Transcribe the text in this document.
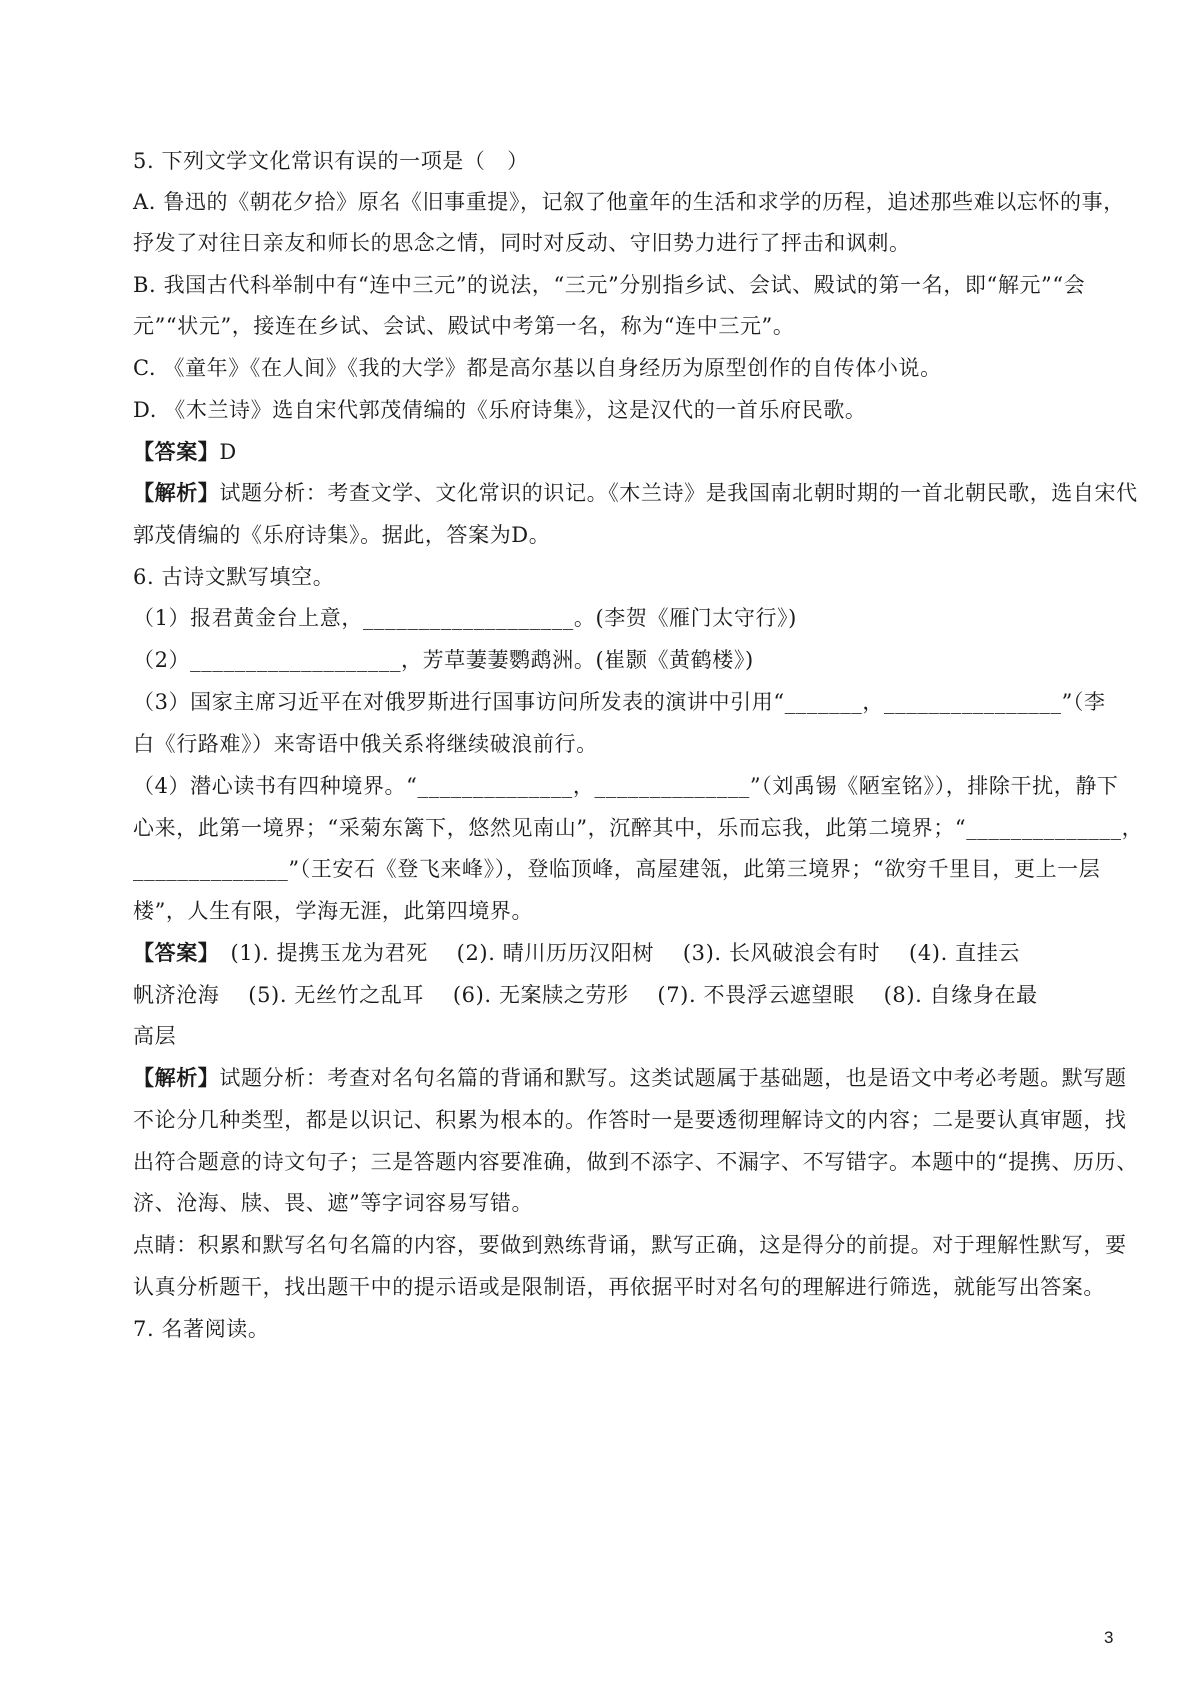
5. 下列文学文化常识有误的一项是（　）
A. 鲁迅的《朝花夕拾》原名《旧事重提》，记叙了他童年的生活和求学的历程，追述那些难以忘怀的事，
抒发了对往日亲友和师长的思念之情，同时对反动、守旧势力进行了抨击和讽刺。
B. 我国古代科举制中有“连中三元”的说法，“三元”分别指乡试、会试、殿试的第一名，即“解元”“会
元”“状元”，接连在乡试、会试、殿试中考第一名，称为“连中三元”。
C. 《童年》《在人间》《我的大学》都是高尔基以自身经历为原型创作的自传体小说。
D. 《木兰诗》选自宋代郭茂倩编的《乐府诗集》，这是汉代的一首乐府民歌。
【答案】D
【解析】试题分析：考查文学、文化常识的识记。《木兰诗》是我国南北朝时期的一首北朝民歌，选自宋代
郭茂倩编的《乐府诗集》。据此，答案为D。
6. 古诗文默写填空。
（1）报君黄金台上意，___________________。(李贺《雁门太守行》)
（2）___________________，芳草萋萋鹦鹉洲。(崔颢《黄鹤楼》)
（3）国家主席习近平在对俄罗斯进行国事访问所发表的演讲中引用“_______，________________”（李
白《行路难》）来寄语中俄关系将继续破浪前行。
（4）潜心读书有四种境界。“______________，______________”（刘禹锡《陋室铭》），排除干扰，静下
心来，此第一境界；“采菊东篱下，悠然见南山”，沉醉其中，乐而忘我，此第二境界；“______________，
______________”（王安石《登飞来峰》），登临顶峰，高屋建瓴，此第三境界；“欲穷千里目，更上一层
楼”，人生有限，学海无涯，此第四境界。
【答案】　(1). 提携玉龙为君死　 (2). 晴川历历汉阳树　 (3). 长风破浪会有时　 (4). 直挂云
帆济沧海　 (5). 无丝竹之乱耳　 (6). 无案牍之劳形　 (7). 不畏浮云遮望眼　 (8). 自缘身在最
高层
【解析】试题分析：考查对名句名篇的背诵和默写。这类试题属于基础题，也是语文中考必考题。默写题
不论分几种类型，都是以识记、积累为根本的。作答时一是要透彻理解诗文的内容；二是要认真审题，找
出符合题意的诗文句子；三是答题内容要准确，做到不添字、不漏字、不写错字。本题中的“提携、历历、
济、沧海、牍、畏、遮”等字词容易写错。
点睛：积累和默写名句名篇的内容，要做到熟练背诵，默写正确，这是得分的前提。对于理解性默写，要
认真分析题干，找出题干中的提示语或是限制语，再依据平时对名句的理解进行筛选，就能写出答案。
7. 名著阅读。
3
